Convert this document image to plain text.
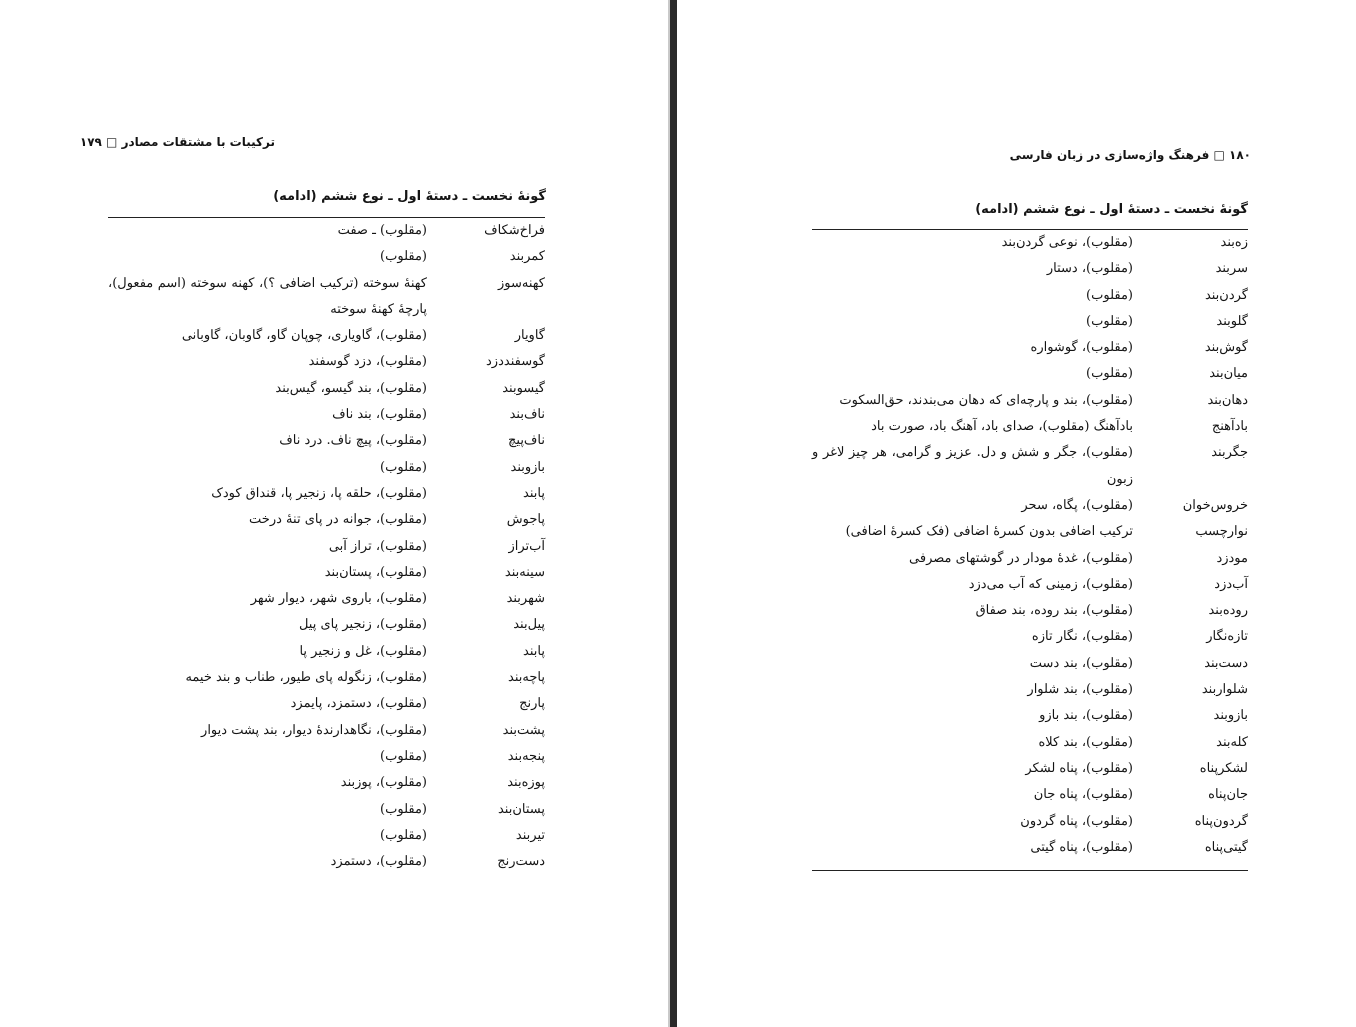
ترکیبات با مشتقات مصادر □ ۱۷۹
گونهٔ نخست ـ دستهٔ اول ـ نوع ششم (ادامه)
فراخ‌شکاف
(مقلوب) ـ صفت
کمربند
(مقلوب)
کهنه‌سوز
کهنهٔ سوخته (ترکیب اضافی ؟)، کهنه سوخته (اسم مفعول)، پارچهٔ کهنهٔ سوخته
گاویار
(مقلوب)، گاویاری، چوپان گاو، گاوبان، گاوبانی
گوسفنددزد
(مقلوب)، دزد گوسفند
گیسوبند
(مقلوب)، بند گیسو، گیس‌بند
ناف‌بند
(مقلوب)، بند ناف
ناف‌پیچ
(مقلوب)، پیچ ناف. درد ناف
بازوبند
(مقلوب)
پابند
(مقلوب)، حلقه پا، زنجیر پا، قنداق کودک
پاجوش
(مقلوب)، جوانه در پای تنهٔ درخت
آب‌تراز
(مقلوب)، تراز آبی
سینه‌بند
(مقلوب)، پستان‌بند
شهربند
(مقلوب)، باروی شهر، دیوار شهر
پیل‌بند
(مقلوب)، زنجیر پای پیل
پابند
(مقلوب)، غل و زنجیر پا
پاچه‌بند
(مقلوب)، زنگوله پای طیور، طناب و بند خیمه
پارنج
(مقلوب)، دستمزد، پایمزد
پشت‌بند
(مقلوب)، نگاهدارندهٔ دیوار، بند پشت دیوار
پنجه‌بند
(مقلوب)
پوزه‌بند
(مقلوب)، پوزبند
پستان‌بند
(مقلوب)
تیربند
(مقلوب)
دست‌رنج
(مقلوب)، دستمزد
۱۸۰ □ فرهنگ واژه‌سازی در زبان فارسی
گونهٔ نخست ـ دستهٔ اول ـ نوع ششم (ادامه)
زه‌بند
(مقلوب)، نوعی گردن‌بند
سربند
(مقلوب)، دستار
گردن‌بند
(مقلوب)
گلوبند
(مقلوب)
گوش‌بند
(مقلوب)، گوشواره
میان‌بند
(مقلوب)
دهان‌بند
(مقلوب)، بند و پارچه‌ای که دهان می‌بندند، حق‌السکوت
بادآهنج
بادآهنگ (مقلوب)، صدای باد، آهنگ باد، صورت باد
جگربند
(مقلوب)، جگر و شش و دل. عزیز و گرامی، هر چیز لاغر و زبون
خروس‌خوان
(مقلوب)، پگاه، سحر
نوارچسب
ترکیب اضافی بدون کسرهٔ اضافی (فک کسرهٔ اضافی)
مودزد
(مقلوب)، غدهٔ مودار در گوشتهای مصرفی
آب‌دزد
(مقلوب)، زمینی که آب می‌دزد
روده‌بند
(مقلوب)، بند روده، بند صفاق
تازه‌نگار
(مقلوب)، نگار تازه
دست‌بند
(مقلوب)، بند دست
شلواربند
(مقلوب)، بند شلوار
بازوبند
(مقلوب)، بند بازو
کله‌بند
(مقلوب)، بند کلاه
لشکرپناه
(مقلوب)، پناه لشکر
جان‌پناه
(مقلوب)، پناه جان
گردون‌پناه
(مقلوب)، پناه گردون
گیتی‌پناه
(مقلوب)، پناه گیتی
